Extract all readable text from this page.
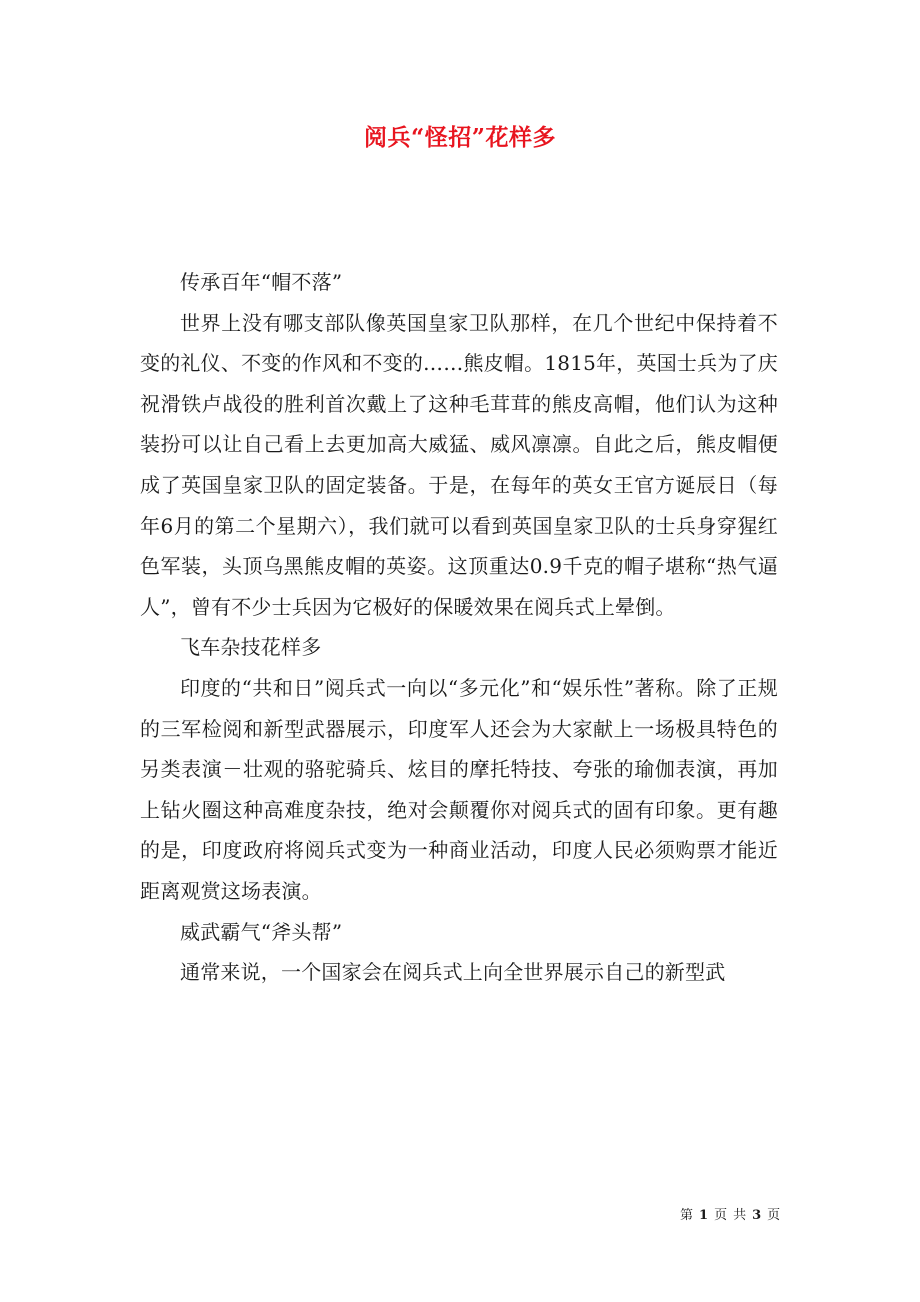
阅兵“怪招”花样多

传承百年“帽不落”

世界上没有哪支部队像英国皇家卫队那样，在几个世纪中保持着不变的礼仪、不变的作风和不变的……熊皮帽。1815年，英国士兵为了庆祝滑铁卢战役的胜利首次戴上了这种毛茸茸的熊皮高帽，他们认为这种装扮可以让自己看上去更加高大威猛、威风凛凛。自此之后，熊皮帽便成了英国皇家卫队的固定装备。于是，在每年的英女王官方诞辰日（每年6月的第二个星期六），我们就可以看到英国皇家卫队的士兵身穿猩红色军装，头顶乌黑熊皮帽的英姿。这顶重达0.9千克的帽子堪称“热气逼人”，曾有不少士兵因为它极好的保暖效果在阅兵式上晕倒。

飞车杂技花样多

印度的“共和日”阅兵式一向以“多元化”和“娱乐性”著称。除了正规的三军检阅和新型武器展示，印度军人还会为大家献上一场极具特色的另类表演－壮观的骆驼骑兵、炫目的摩托特技、夸张的瑜伽表演，再加上钻火圈这种高难度杂技，绝对会颠覆你对阅兵式的固有印象。更有趣的是，印度政府将阅兵式变为一种商业活动，印度人民必须购票才能近距离观赏这场表演。

威武霸气“斧头帮”

通常来说，一个国家会在阅兵式上向全世界展示自己的新型武

第 1 页 共 3 页
